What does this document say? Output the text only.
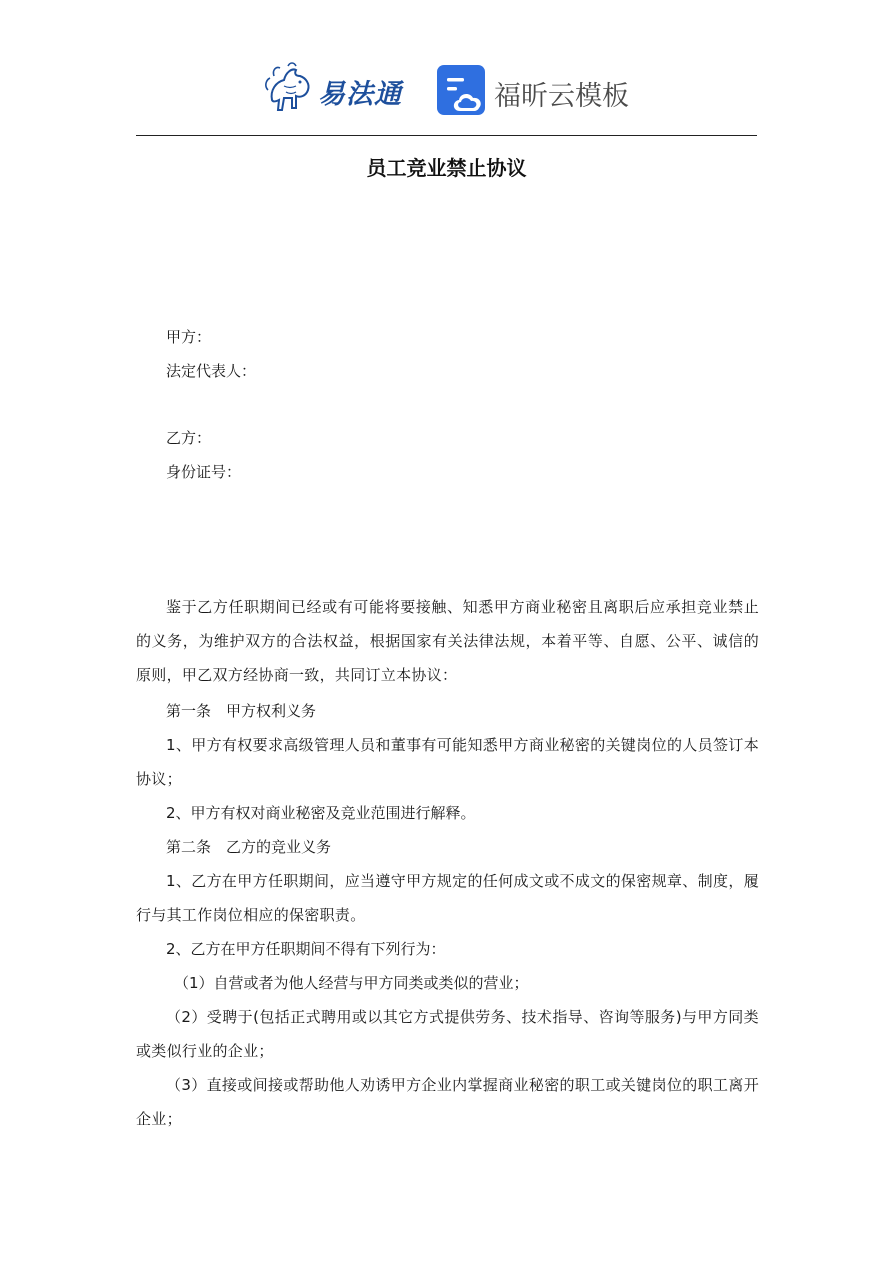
易法通	福昕云模板
员工竞业禁止协议
甲方：
法定代表人：
乙方：
身份证号：
鉴于乙方任职期间已经或有可能将要接触、知悉甲方商业秘密且离职后应承担竞业禁止的义务，为维护双方的合法权益，根据国家有关法律法规，本着平等、自愿、公平、诚信的原则，甲乙双方经协商一致，共同订立本协议：
第一条　甲方权利义务
1、甲方有权要求高级管理人员和董事有可能知悉甲方商业秘密的关键岗位的人员签订本协议；
2、甲方有权对商业秘密及竞业范围进行解释。
第二条　乙方的竞业义务
1、乙方在甲方任职期间，应当遵守甲方规定的任何成文或不成文的保密规章、制度，履行与其工作岗位相应的保密职责。
2、乙方在甲方任职期间不得有下列行为：
（1）自营或者为他人经营与甲方同类或类似的营业；
（2）受聘于(包括正式聘用或以其它方式提供劳务、技术指导、咨询等服务)与甲方同类或类似行业的企业；
（3）直接或间接或帮助他人劝诱甲方企业内掌握商业秘密的职工或关键岗位的职工离开企业；
